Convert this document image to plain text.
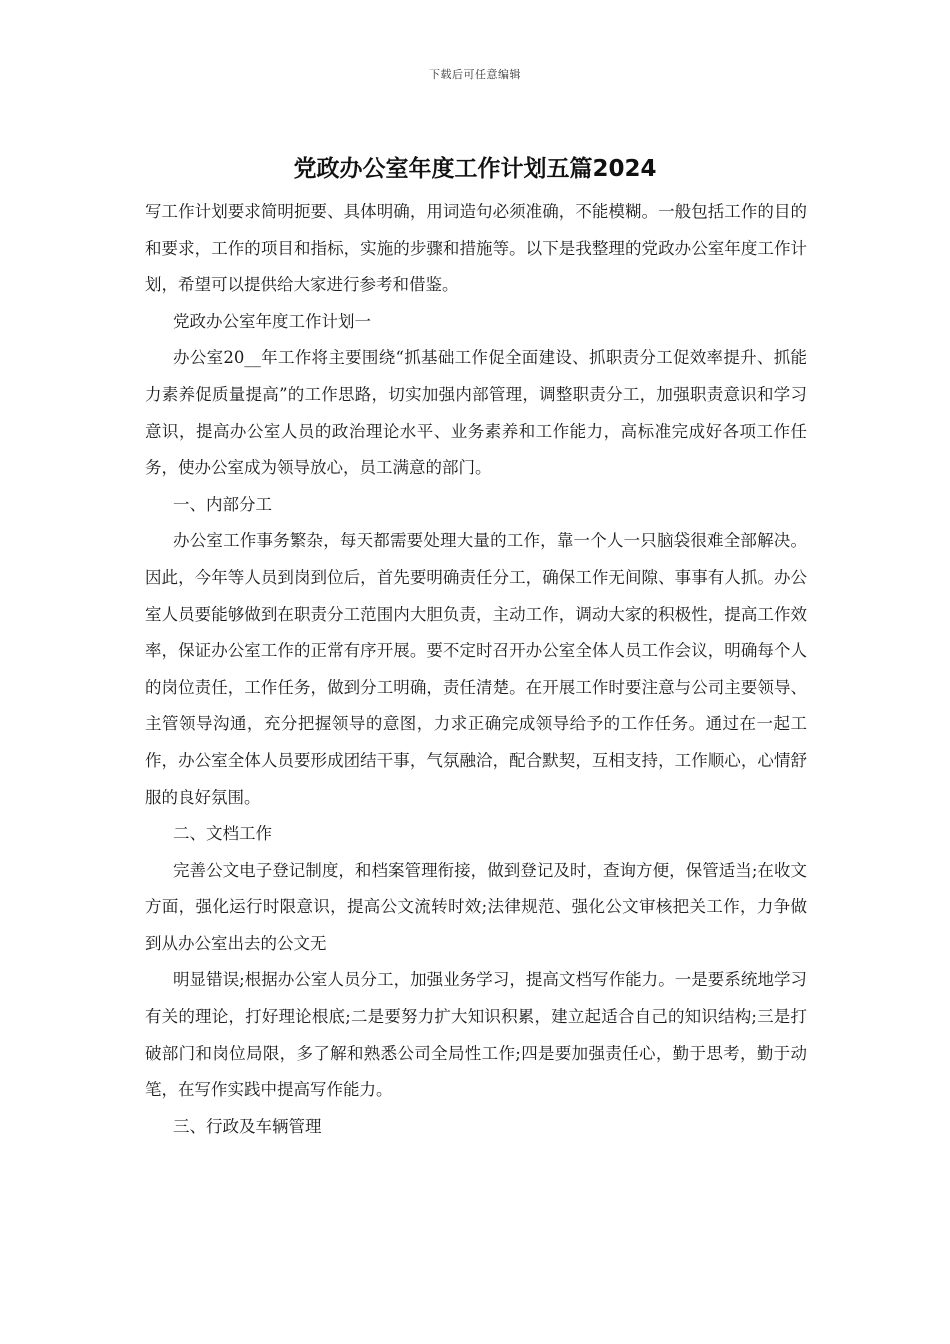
下载后可任意编辑
党政办公室年度工作计划五篇2024

写工作计划要求简明扼要、具体明确，用词造句必须准确，不能模糊。一般包括工作的目的和要求，工作的项目和指标，实施的步骤和措施等。以下是我整理的党政办公室年度工作计划，希望可以提供给大家进行参考和借鉴。

党政办公室年度工作计划一

办公室20__年工作将主要围绕“抓基础工作促全面建设、抓职责分工促效率提升、抓能力素养促质量提高”的工作思路，切实加强内部管理，调整职责分工，加强职责意识和学习意识，提高办公室人员的政治理论水平、业务素养和工作能力，高标准完成好各项工作任务，使办公室成为领导放心，员工满意的部门。

一、内部分工

办公室工作事务繁杂，每天都需要处理大量的工作，靠一个人一只脑袋很难全部解决。因此，今年等人员到岗到位后，首先要明确责任分工，确保工作无间隙、事事有人抓。办公室人员要能够做到在职责分工范围内大胆负责，主动工作，调动大家的积极性，提高工作效率，保证办公室工作的正常有序开展。要不定时召开办公室全体人员工作会议，明确每个人的岗位责任，工作任务，做到分工明确，责任清楚。在开展工作时要注意与公司主要领导、主管领导沟通，充分把握领导的意图，力求正确完成领导给予的工作任务。通过在一起工作，办公室全体人员要形成团结干事，气氛融洽，配合默契，互相支持，工作顺心，心情舒服的良好氛围。

二、文档工作

完善公文电子登记制度，和档案管理衔接，做到登记及时，查询方便，保管适当;在收文方面，强化运行时限意识，提高公文流转时效;法律规范、强化公文审核把关工作，力争做到从办公室出去的公文无

明显错误;根据办公室人员分工，加强业务学习，提高文档写作能力。一是要系统地学习有关的理论，打好理论根底;二是要努力扩大知识积累，建立起适合自己的知识结构;三是打破部门和岗位局限，多了解和熟悉公司全局性工作;四是要加强责任心，勤于思考，勤于动笔，在写作实践中提高写作能力。

三、行政及车辆管理
